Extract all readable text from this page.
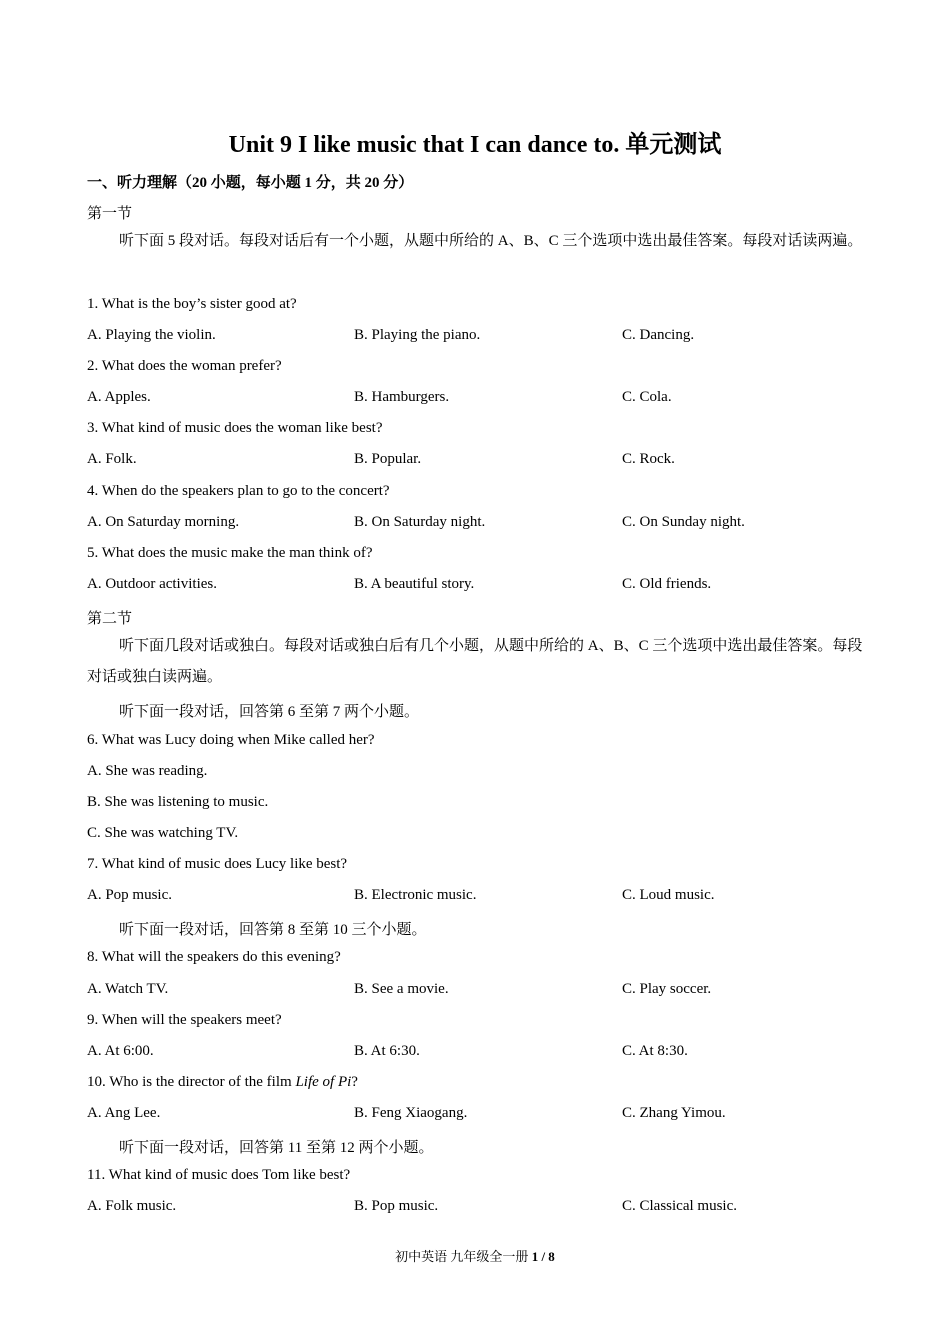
Unit 9 I like music that I can dance to. 单元测试
一、听力理解（20 小题，每小题 1 分，共 20 分）
第一节
听下面 5 段对话。每段对话后有一个小题，从题中所给的 A、B、C 三个选项中选出最佳答案。每段对话读两遍。
1. What is the boy’s sister good at?
A. Playing the violin.	B. Playing the piano.	C. Dancing.
2. What does the woman prefer?
A. Apples.	B. Hamburgers.	C. Cola.
3. What kind of music does the woman like best?
A. Folk.	B. Popular.	C. Rock.
4. When do the speakers plan to go to the concert?
A. On Saturday morning.	B. On Saturday night.	C. On Sunday night.
5. What does the music make the man think of?
A. Outdoor activities.	B. A beautiful story.	C. Old friends.
第二节
听下面几段对话或独白。每段对话或独白后有几个小题，从题中所给的 A、B、C 三个选项中选出最佳答案。每段对话或独白读两遍。
听下面一段对话，回答第 6 至第 7 两个小题。
6. What was Lucy doing when Mike called her?
A. She was reading.
B. She was listening to music.
C. She was watching TV.
7. What kind of music does Lucy like best?
A. Pop music.	B. Electronic music.	C. Loud music.
听下面一段对话，回答第 8 至第 10 三个小题。
8. What will the speakers do this evening?
A. Watch TV.	B. See a movie.	C. Play soccer.
9. When will the speakers meet?
A. At 6:00.	B. At 6:30.	C. At 8:30.
10. Who is the director of the film Life of Pi?
A. Ang Lee.	B. Feng Xiaogang.	C. Zhang Yimou.
听下面一段对话，回答第 11 至第 12 两个小题。
11. What kind of music does Tom like best?
A. Folk music.	B. Pop music.	C. Classical music.
初中英语 九年级全一册 1 / 8
